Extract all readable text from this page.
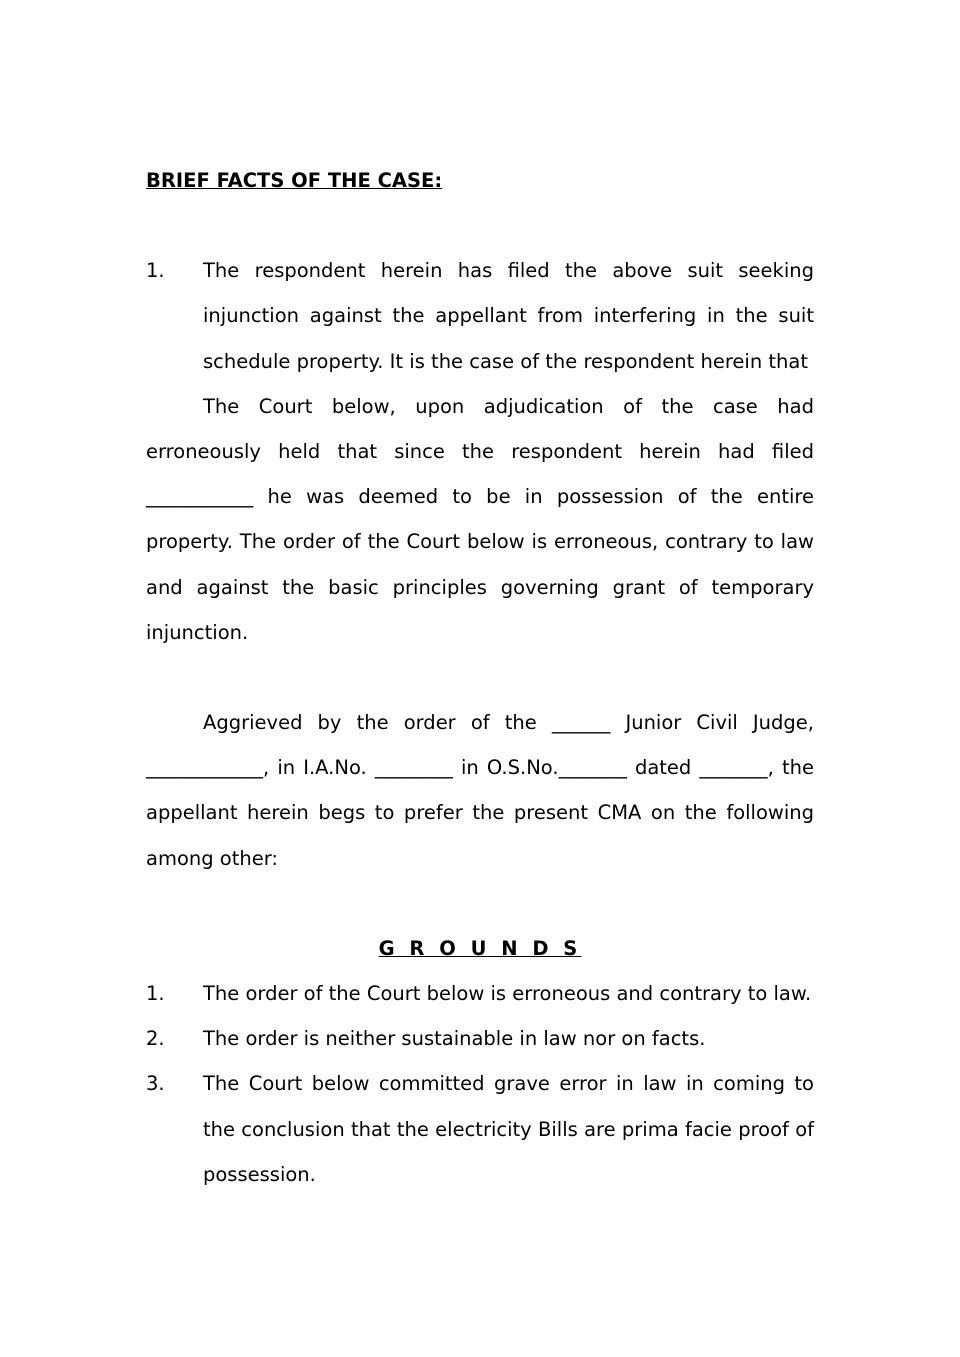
BRIEF FACTS OF THE CASE:

1. The respondent herein has filed the above suit seeking injunction against the appellant from interfering in the suit schedule property. It is the case of the respondent herein that

The Court below, upon adjudication of the case had erroneously held that since the respondent herein had filed ___________ he was deemed to be in possession of the entire property. The order of the Court below is erroneous, contrary to law and against the basic principles governing grant of temporary injunction.

Aggrieved by the order of the ______ Junior Civil Judge, ____________, in I.A.No. ________ in O.S.No._______ dated _______, the appellant herein begs to prefer the present CMA on the following among other:

G R O U N D S

1. The order of the Court below is erroneous and contrary to law.

2. The order is neither sustainable in law nor on facts.

3. The Court below committed grave error in law in coming to the conclusion that the electricity Bills are prima facie proof of possession.
